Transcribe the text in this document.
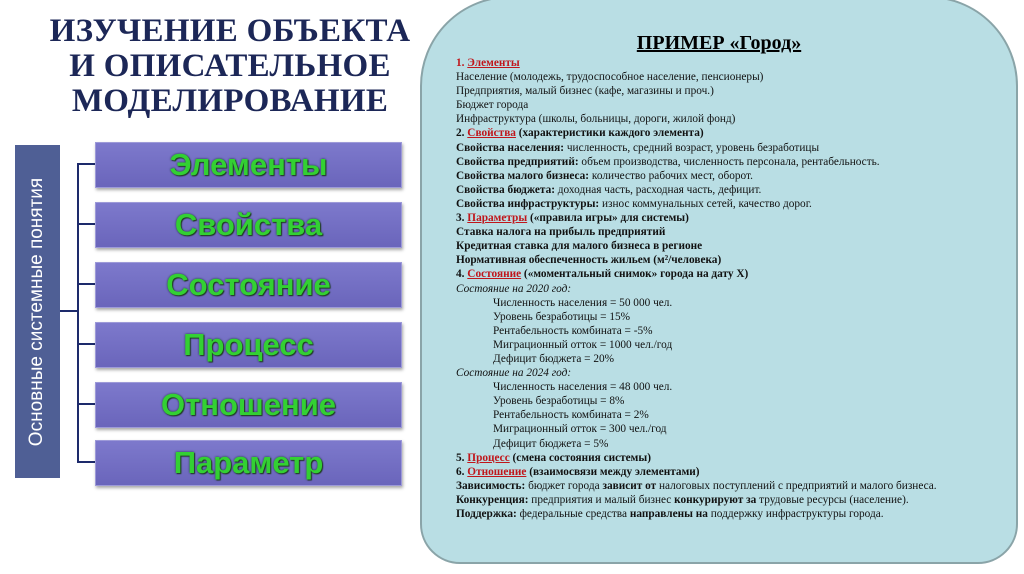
ИЗУЧЕНИЕ ОБЪЕКТА
И ОПИСАТЕЛЬНОЕ
МОДЕЛИРОВАНИЕ
Основные системные понятия
Элементы
Свойства
Состояние
Процесс
Отношение
Параметр
ПРИМЕР «Город»
1. Элементы
Население (молодежь, трудоспособное население, пенсионеры)
Предприятия, малый бизнес (кафе, магазины и проч.)
Бюджет города
Инфраструктура (школы, больницы, дороги, жилой фонд)
2. Свойства (характеристики каждого элемента)
Свойства населения: численность, средний возраст, уровень безработицы
Свойства предприятий: объем производства, численность персонала, рентабельность.
Свойства малого бизнеса: количество рабочих мест, оборот.
Свойства бюджета: доходная часть, расходная часть, дефицит.
Свойства инфраструктуры: износ коммунальных сетей, качество дорог.
3. Параметры («правила игры» для системы)
Ставка налога на прибыль предприятий
Кредитная ставка для малого бизнеса в регионе
Нормативная обеспеченность жильем (м²/человека)
4. Состояние («моментальный снимок» города на дату Х)
Состояние на 2020 год:
Численность населения = 50 000 чел.
Уровень безработицы = 15%
Рентабельность комбината = -5%
Миграционный отток = 1000 чел./год
Дефицит бюджета = 20%
Состояние на 2024 год:
Численность населения = 48 000 чел.
Уровень безработицы = 8%
Рентабельность комбината = 2%
Миграционный отток = 300 чел./год
Дефицит бюджета = 5%
5. Процесс (смена состояния системы)
6. Отношение (взаимосвязи между элементами)
Зависимость: бюджет города зависит от налоговых поступлений с предприятий и малого бизнеса.
Конкуренция: предприятия и малый бизнес конкурируют за трудовые ресурсы (население).
Поддержка: федеральные средства направлены на поддержку инфраструктуры города.
